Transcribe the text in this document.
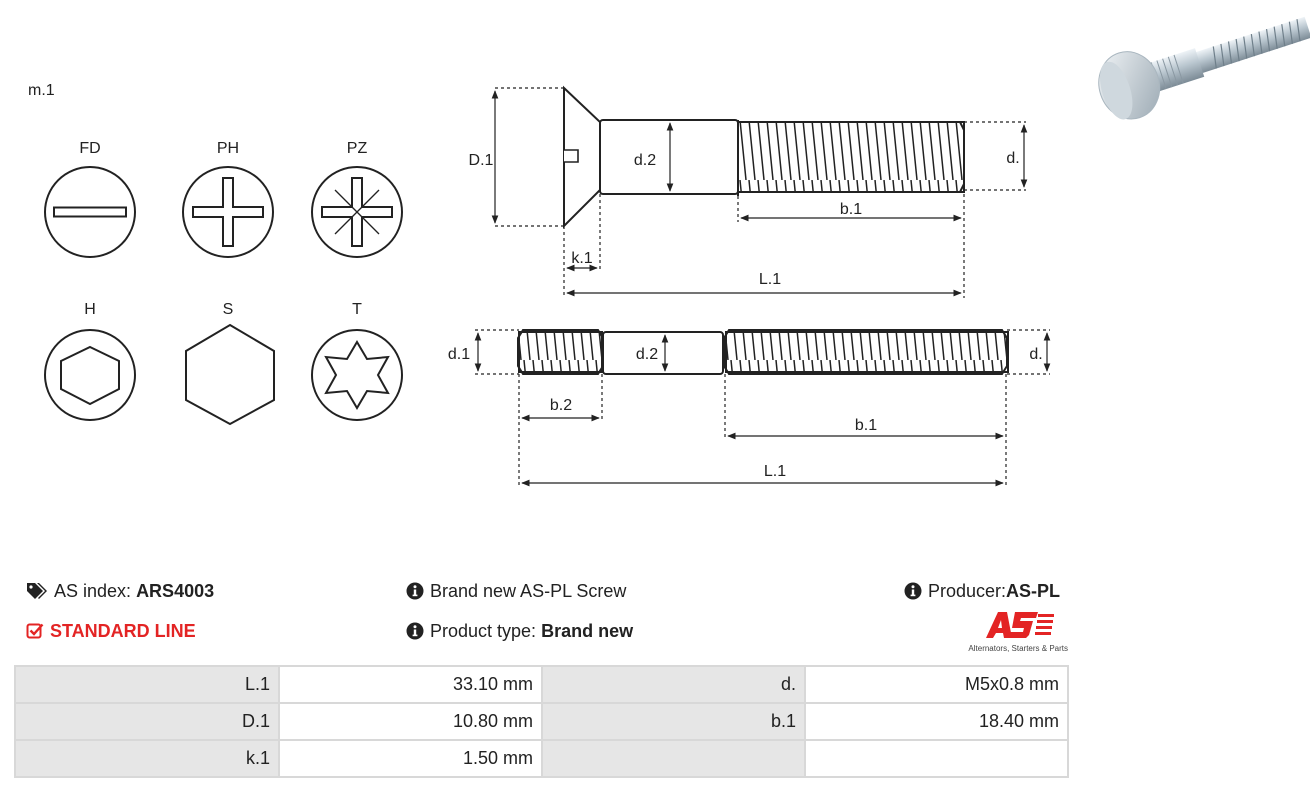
m.1
FD	PH	PZ
H	S	T
D.1	d.2	d.
b.1
k.1
L.1
d.1	d.2	d.
b.2
b.1
L.1
AS index: ARS4003
STANDARD LINE
Brand new AS-PL Screw
Product type: Brand new
Producer:AS-PL
Alternators, Starters & Parts
L.1	33.10 mm	d.	M5x0.8 mm
D.1	10.80 mm	b.1	18.40 mm
k.1	1.50 mm		
